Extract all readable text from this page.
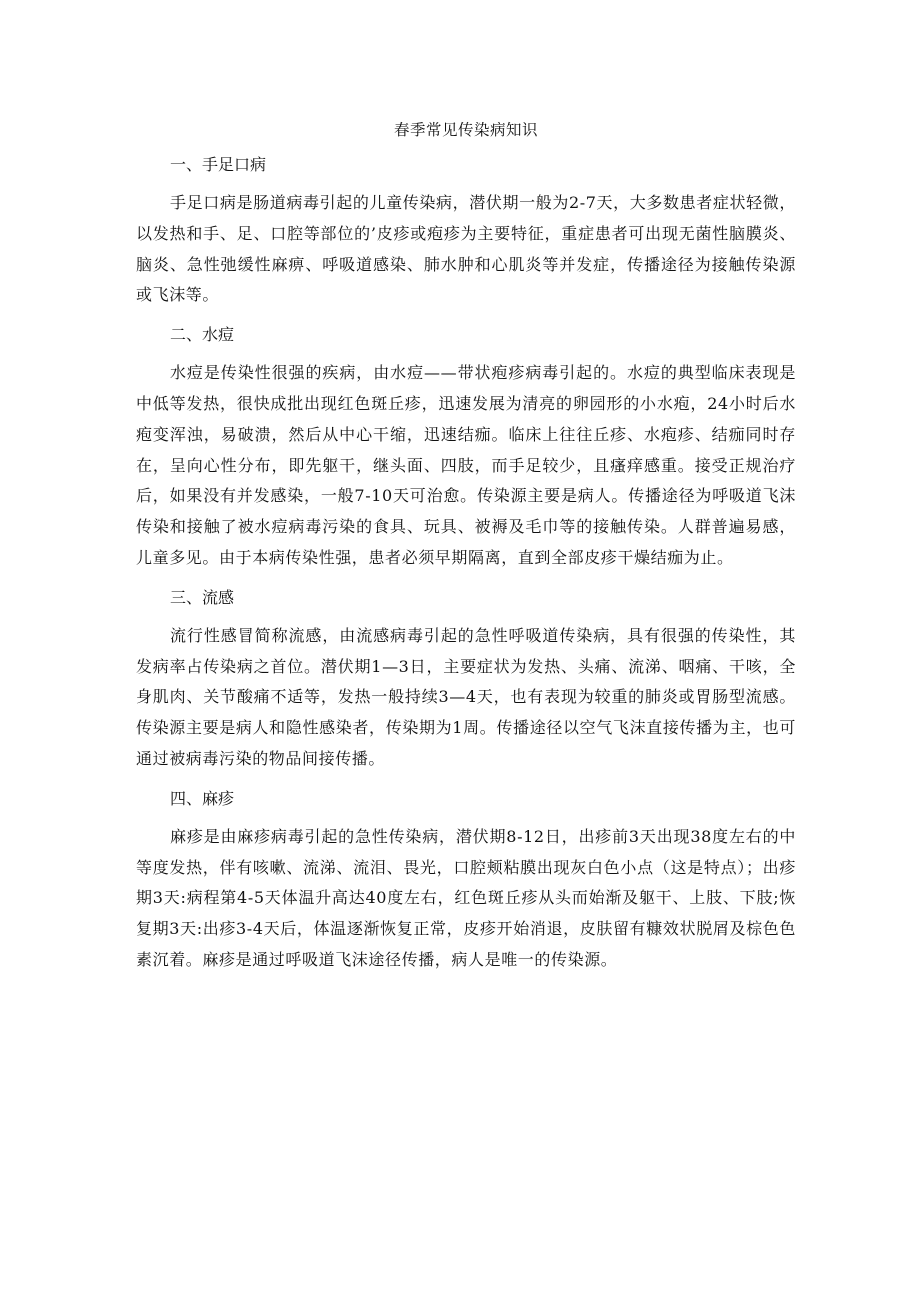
春季常见传染病知识

一、手足口病

手足口病是肠道病毒引起的儿童传染病，潜伏期一般为2-7天，大多数患者症状轻微，以发热和手、足、口腔等部位的’皮疹或疱疹为主要特征，重症患者可出现无菌性脑膜炎、脑炎、急性弛缓性麻痹、呼吸道感染、肺水肿和心肌炎等并发症，传播途径为接触传染源或飞沫等。

二、水痘

水痘是传染性很强的疾病，由水痘——带状疱疹病毒引起的。水痘的典型临床表现是中低等发热，很快成批出现红色斑丘疹，迅速发展为清亮的卵园形的小水疱，24小时后水疱变浑浊，易破溃，然后从中心干缩，迅速结痂。临床上往往丘疹、水疱疹、结痂同时存在，呈向心性分布，即先躯干，继头面、四肢，而手足较少，且瘙痒感重。接受正规治疗后，如果没有并发感染，一般7-10天可治愈。传染源主要是病人。传播途径为呼吸道飞沫传染和接触了被水痘病毒污染的食具、玩具、被褥及毛巾等的接触传染。人群普遍易感，儿童多见。由于本病传染性强，患者必须早期隔离，直到全部皮疹干燥结痂为止。

三、流感

流行性感冒简称流感，由流感病毒引起的急性呼吸道传染病，具有很强的传染性，其发病率占传染病之首位。潜伏期1—3日，主要症状为发热、头痛、流涕、咽痛、干咳，全身肌肉、关节酸痛不适等，发热一般持续3—4天，也有表现为较重的肺炎或胃肠型流感。传染源主要是病人和隐性感染者，传染期为1周。传播途径以空气飞沫直接传播为主，也可通过被病毒污染的物品间接传播。

四、麻疹

麻疹是由麻疹病毒引起的急性传染病，潜伏期8-12日，出疹前3天出现38度左右的中等度发热，伴有咳嗽、流涕、流泪、畏光，口腔颊粘膜出现灰白色小点（这是特点）；出疹期3天:病程第4-5天体温升高达40度左右，红色斑丘疹从头而始渐及躯干、上肢、下肢;恢复期3天:出疹3-4天后，体温逐渐恢复正常，皮疹开始消退，皮肤留有糠效状脱屑及棕色色素沉着。麻疹是通过呼吸道飞沫途径传播，病人是唯一的传染源。
